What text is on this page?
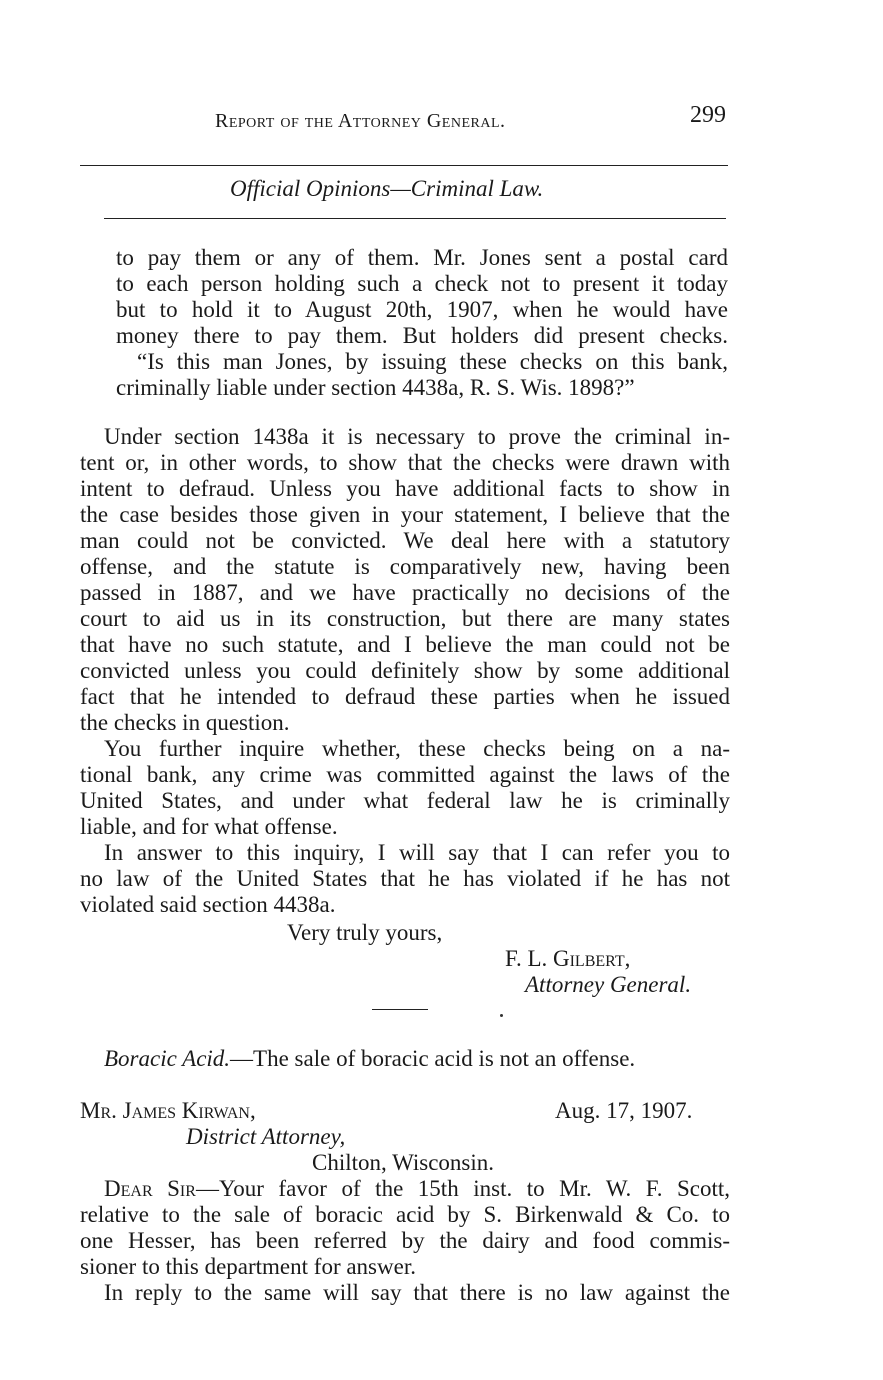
Report of the Attorney General.	299
Official Opinions—Criminal Law.
to pay them or any of them. Mr. Jones sent a postal card
to each person holding such a check not to present it today
but to hold it to August 20th, 1907, when he would have
money there to pay them. But holders did present checks.
“Is this man Jones, by issuing these checks on this bank,
criminally liable under section 4438a, R. S. Wis. 1898?”
Under section 1438a it is necessary to prove the criminal in-
tent or, in other words, to show that the checks were drawn with
intent to defraud. Unless you have additional facts to show in
the case besides those given in your statement, I believe that the
man could not be convicted. We deal here with a statutory
offense, and the statute is comparatively new, having been
passed in 1887, and we have practically no decisions of the
court to aid us in its construction, but there are many states
that have no such statute, and I believe the man could not be
convicted unless you could definitely show by some additional
fact that he intended to defraud these parties when he issued
the checks in question.
You further inquire whether, these checks being on a na-
tional bank, any crime was committed against the laws of the
United States, and under what federal law he is criminally
liable, and for what offense.
In answer to this inquiry, I will say that I can refer you to
no law of the United States that he has violated if he has not
violated said section 4438a.
Very truly yours,
F. L. Gilbert,
Attorney General.
Boracic Acid.—The sale of boracic acid is not an offense.
Mr. James Kirwan,	Aug. 17, 1907.
District Attorney,
Chilton, Wisconsin.
Dear Sir—Your favor of the 15th inst. to Mr. W. F. Scott,
relative to the sale of boracic acid by S. Birkenwald & Co. to
one Hesser, has been referred by the dairy and food commis-
sioner to this department for answer.
In reply to the same will say that there is no law against the
